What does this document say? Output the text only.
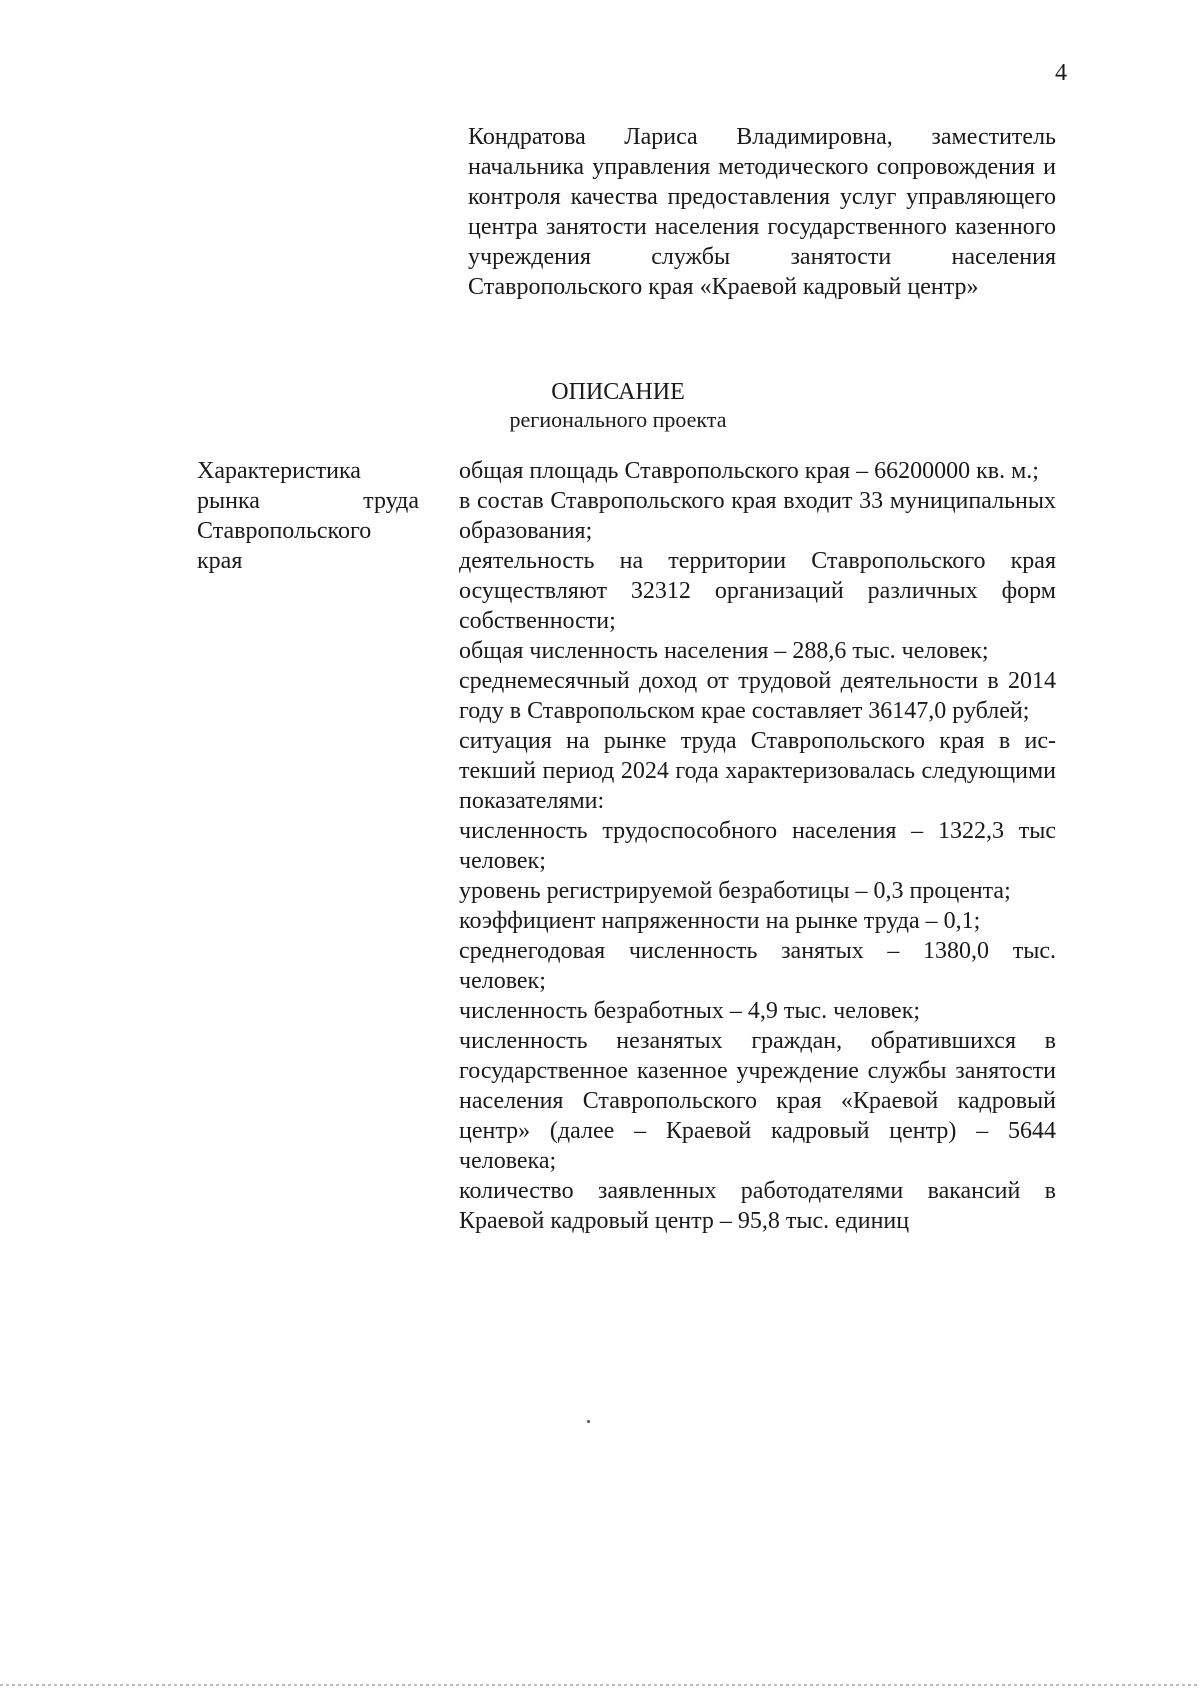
4
Кондратова Лариса Владимировна, заместитель начальника управления методического сопровождения и контроля качества предоставления услуг управляющего центра занятости населения государственного казенного учреждения службы занятости населения Ставропольского края «Краевой кадровый центр»
ОПИСАНИЕ
регионального проекта
Характеристика рынка труда Ставропольского края

общая площадь Ставропольского края – 66200000 кв. м.;

в состав Ставропольского края входит 33 муниципальных образования;

деятельность на территории Ставропольского края осуществляют 32312 организаций различных форм собственности;

общая численность населения – 288,6 тыс. человек;

среднемесячный доход от трудовой деятельности в 2014 году в Ставропольском крае составляет 36147,0 рублей;

ситуация на рынке труда Ставропольского края в истекший период 2024 года характеризовалась следующими показателями:

численность трудоспособного населения – 1322,3 тыс человек;

уровень регистрируемой безработицы – 0,3 процента;

коэффициент напряженности на рынке труда – 0,1;

среднегодовая численность занятых – 1380,0 тыс. человек;

численность безработных – 4,9 тыс. человек;

численность незанятых граждан, обратившихся в государственное казенное учреждение службы занятости населения Ставропольского края «Краевой кадровый центр» (далее – Краевой кадровый центр) – 5644 человека;

количество заявленных работодателями вакансий в Краевой кадровый центр – 95,8 тыс. единиц
